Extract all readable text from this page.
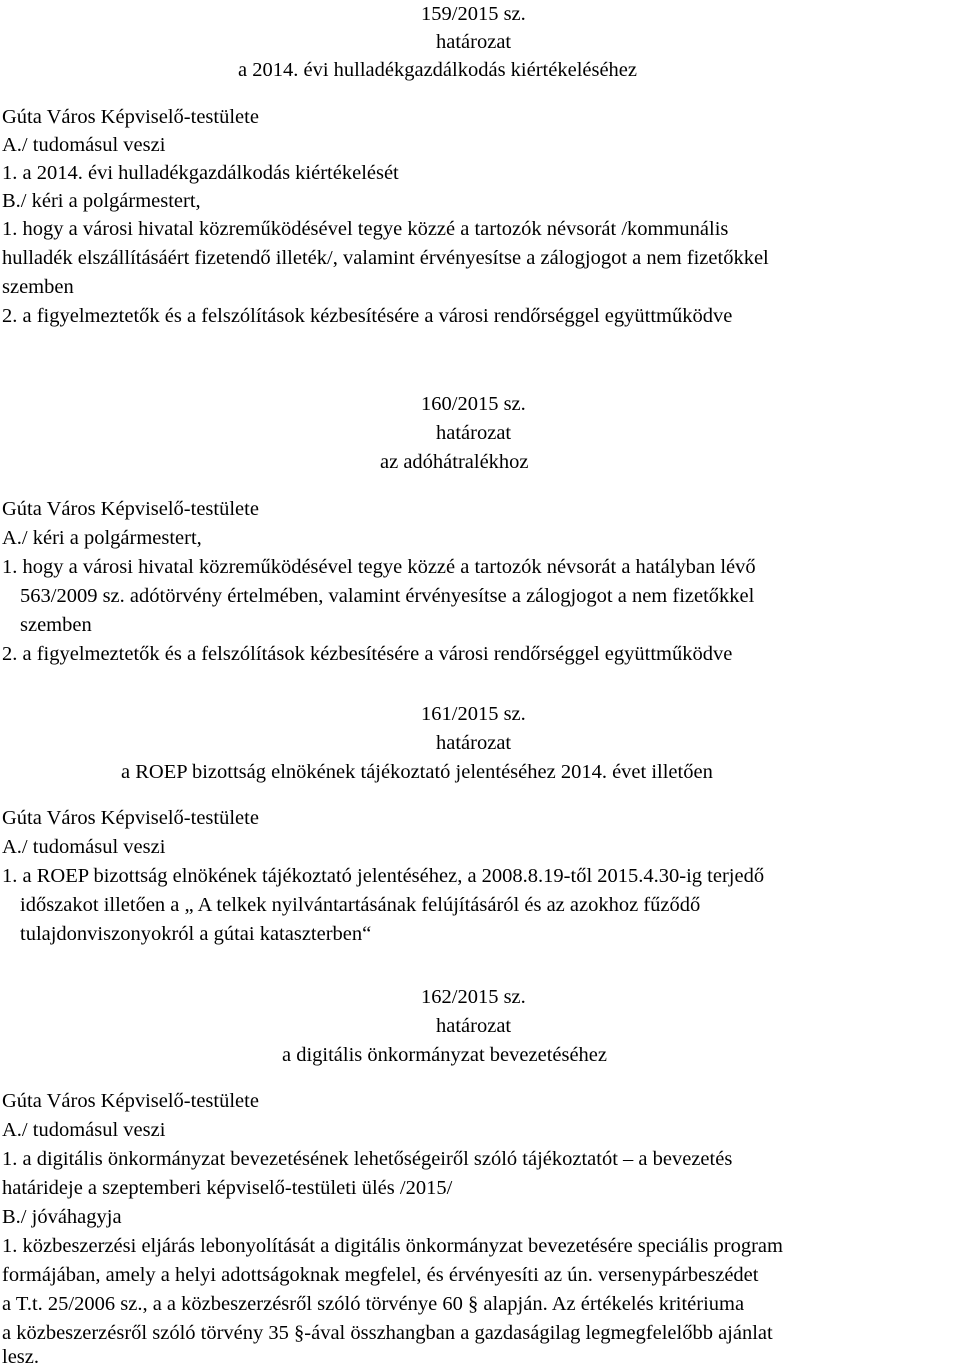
159/2015 sz.
határozat
a 2014. évi hulladékgazdálkodás kiértékeléséhez
Gúta Város Képviselő-testülete
A./ tudomásul veszi
1. a 2014. évi hulladékgazdálkodás kiértékelését
B./ kéri a polgármestert,
1. hogy a városi hivatal közreműködésével tegye közzé a tartozók névsorát /kommunális
hulladék elszállításáért fizetendő illeték/, valamint érvényesítse a zálogjogot a nem fizetőkkel
szemben
2. a figyelmeztetők és a felszólítások kézbesítésére a városi rendőrséggel együttműködve
160/2015 sz.
határozat
az adóhátralékhoz
Gúta Város Képviselő-testülete
A./ kéri a polgármestert,
1. hogy a városi hivatal közreműködésével tegye közzé a tartozók névsorát a hatályban lévő
563/2009 sz. adótörvény értelmében, valamint érvényesítse a zálogjogot a nem fizetőkkel
szemben
2. a figyelmeztetők és a felszólítások kézbesítésére a városi rendőrséggel együttműködve
161/2015 sz.
határozat
a ROEP bizottság elnökének tájékoztató jelentéséhez 2014. évet illetően
Gúta Város Képviselő-testülete
A./ tudomásul veszi
1. a ROEP bizottság elnökének tájékoztató jelentéséhez, a 2008.8.19-től 2015.4.30-ig terjedő
időszakot illetően a „ A telkek nyilvántartásának felújításáról és az azokhoz fűződő
tulajdonviszonyokról a gútai kataszterben“
162/2015 sz.
határozat
a digitális önkormányzat bevezetéséhez
Gúta Város Képviselő-testülete
A./ tudomásul veszi
1. a digitális önkormányzat bevezetésének lehetőségeiről szóló tájékoztatót – a bevezetés
határideje a szeptemberi képviselő-testületi ülés /2015/
B./ jóváhagyja
1. közbeszerzési eljárás lebonyolítását a digitális önkormányzat bevezetésére speciális program
formájában, amely a helyi adottságoknak megfelel, és érvényesíti az ún. versenypárbeszédet
a T.t. 25/2006 sz., a a közbeszerzésről szóló törvénye 60 § alapján. Az értékelés kritériuma
a közbeszerzésről szóló törvény 35 §-ával összhangban a gazdaságilag legmegfelelőbb ajánlat
lesz.
